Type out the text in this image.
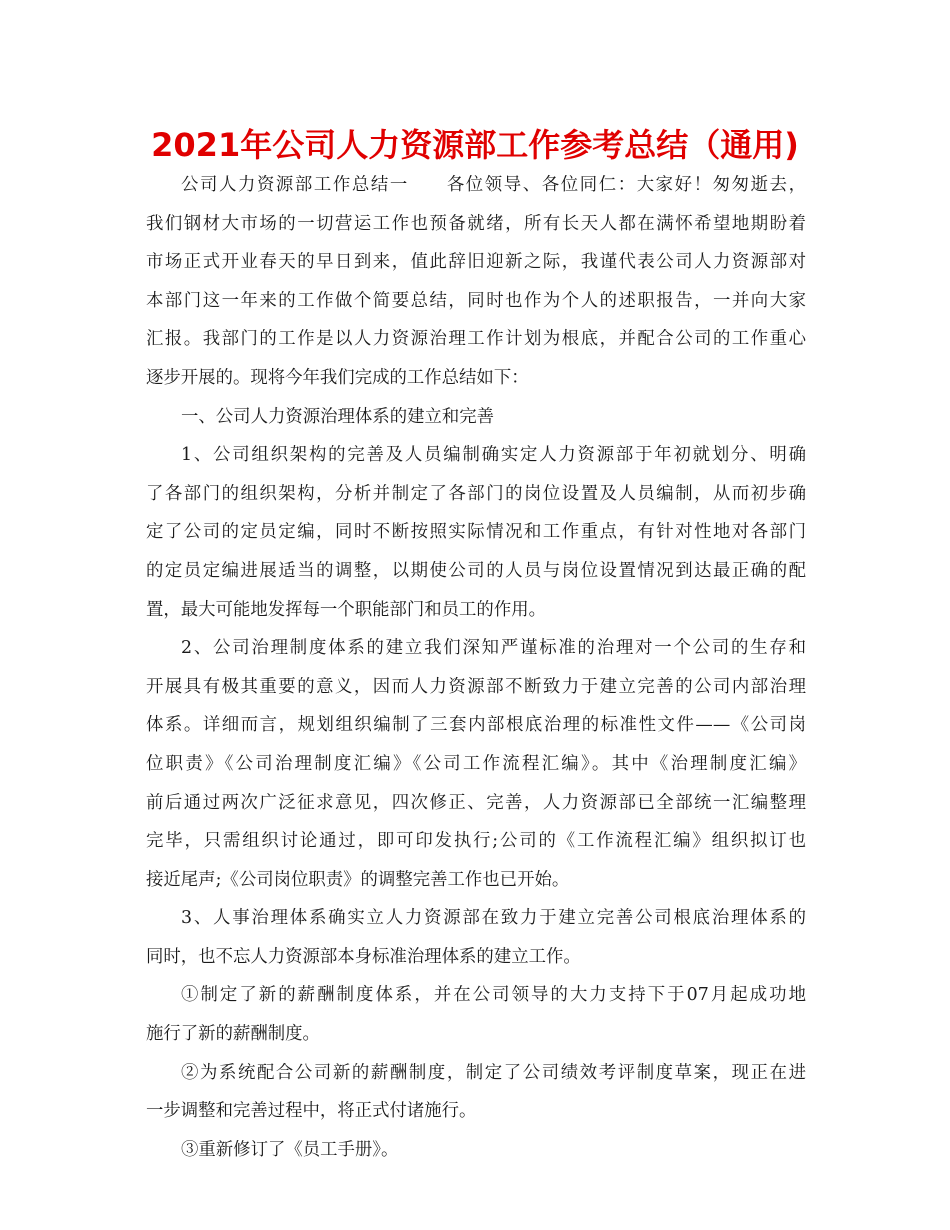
2021年公司人力资源部工作参考总结（通用)
公司人力资源部工作总结一　　各位领导、各位同仁：大家好！匆匆逝去，
我们钢材大市场的一切营运工作也预备就绪，所有长天人都在满怀希望地期盼着
市场正式开业春天的早日到来，值此辞旧迎新之际，我谨代表公司人力资源部对
本部门这一年来的工作做个简要总结，同时也作为个人的述职报告，一并向大家
汇报。我部门的工作是以人力资源治理工作计划为根底，并配合公司的工作重心
逐步开展的。现将今年我们完成的工作总结如下：
一、公司人力资源治理体系的建立和完善
1、公司组织架构的完善及人员编制确实定人力资源部于年初就划分、明确
了各部门的组织架构，分析并制定了各部门的岗位设置及人员编制，从而初步确
定了公司的定员定编，同时不断按照实际情况和工作重点，有针对性地对各部门
的定员定编进展适当的调整，以期使公司的人员与岗位设置情况到达最正确的配
置，最大可能地发挥每一个职能部门和员工的作用。
2、公司治理制度体系的建立我们深知严谨标准的治理对一个公司的生存和
开展具有极其重要的意义，因而人力资源部不断致力于建立完善的公司内部治理
体系。详细而言，规划组织编制了三套内部根底治理的标准性文件——《公司岗
位职责》《公司治理制度汇编》《公司工作流程汇编》。其中《治理制度汇编》
前后通过两次广泛征求意见，四次修正、完善，人力资源部已全部统一汇编整理
完毕，只需组织讨论通过，即可印发执行;公司的《工作流程汇编》组织拟订也
接近尾声;《公司岗位职责》的调整完善工作也已开始。
3、人事治理体系确实立人力资源部在致力于建立完善公司根底治理体系的
同时，也不忘人力资源部本身标准治理体系的建立工作。
①制定了新的薪酬制度体系，并在公司领导的大力支持下于07月起成功地
施行了新的薪酬制度。
②为系统配合公司新的薪酬制度，制定了公司绩效考评制度草案，现正在进
一步调整和完善过程中，将正式付诸施行。
③重新修订了《员工手册》。
